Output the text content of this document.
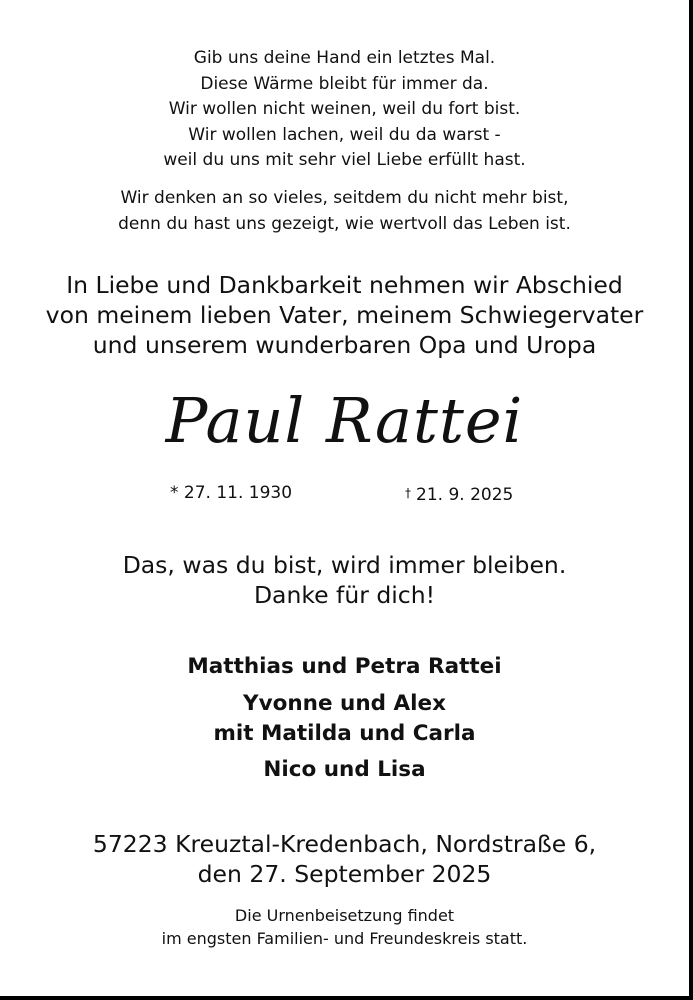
Gib uns deine Hand ein letztes Mal.
Diese Wärme bleibt für immer da.
Wir wollen nicht weinen, weil du fort bist.
Wir wollen lachen, weil du da warst -
weil du uns mit sehr viel Liebe erfüllt hast.
Wir denken an so vieles, seitdem du nicht mehr bist,
denn du hast uns gezeigt, wie wertvoll das Leben ist.
In Liebe und Dankbarkeit nehmen wir Abschied
von meinem lieben Vater, meinem Schwiegervater
und unserem wunderbaren Opa und Uropa
Paul Rattei
* 27. 11. 1930	† 21. 9. 2025
Das, was du bist, wird immer bleiben.
Danke für dich!
Matthias und Petra Rattei
Yvonne und Alex
mit Matilda und Carla
Nico und Lisa
57223 Kreuztal-Kredenbach, Nordstraße 6,
den 27. September 2025
Die Urnenbeisetzung findet
im engsten Familien- und Freundeskreis statt.
